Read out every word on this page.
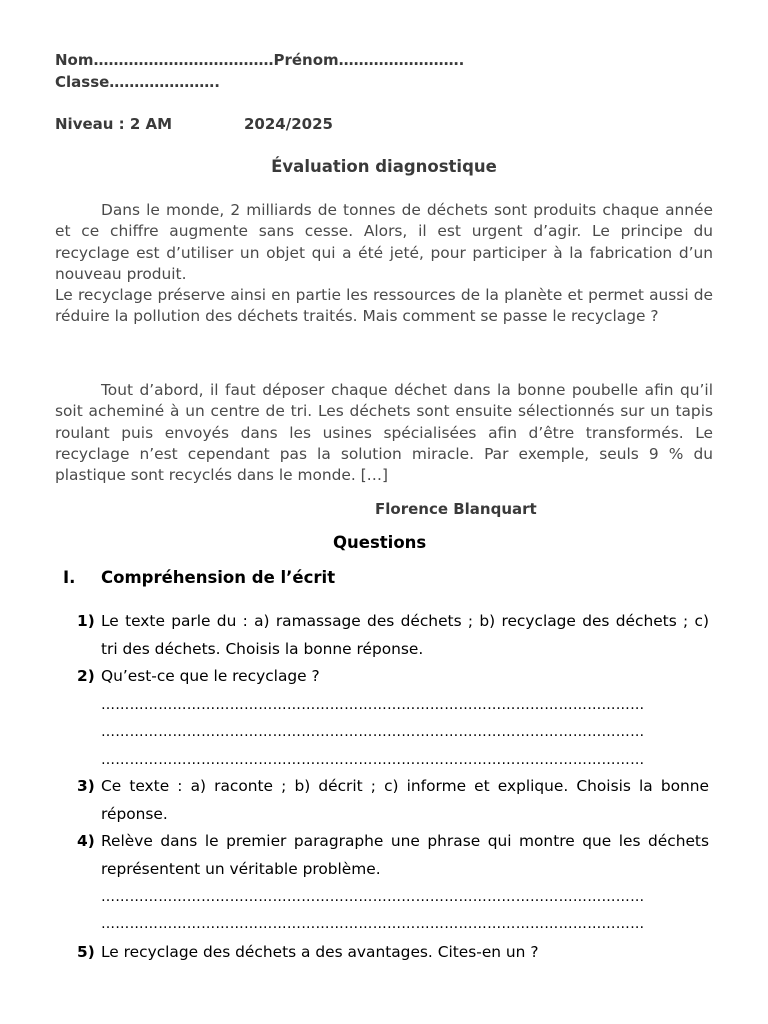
Nom………………………………Prénom…………………….
Classe………………….
Niveau : 2 AM	2024/2025
Évaluation diagnostique

Dans le monde, 2 milliards de tonnes de déchets sont produits chaque année et ce chiffre augmente sans cesse. Alors, il est urgent d’agir. Le principe du recyclage est d’utiliser un objet qui a été jeté, pour participer à la fabrication d’un nouveau produit.

Le recyclage préserve ainsi en partie les ressources de la planète et permet aussi de réduire la pollution des déchets traités. Mais comment se passe le recyclage ?

Tout d’abord, il faut déposer chaque déchet dans la bonne poubelle afin qu’il soit acheminé à un centre de tri. Les déchets sont ensuite sélectionnés sur un tapis roulant puis envoyés dans les usines spécialisées afin d’être transformés. Le recyclage n’est cependant pas la solution miracle. Par exemple, seuls 9 % du plastique sont recyclés dans le monde. […]

Florence Blanquart
Questions
I. Compréhension de l’écrit
1) Le texte parle du : a) ramassage des déchets ; b) recyclage des déchets ; c) tri des déchets. Choisis la bonne réponse.
2) Qu’est-ce que le recyclage ?
……………………………………………………………………………………………………
……………………………………………………………………………………………………
……………………………………………………………………………………………………
3) Ce texte : a) raconte ; b) décrit ; c) informe et explique. Choisis la bonne réponse.
4) Relève dans le premier paragraphe une phrase qui montre que les déchets représentent un véritable problème.
……………………………………………………………………………………………………
……………………………………………………………………………………………………
5) Le recyclage des déchets a des avantages. Cites-en un ?
